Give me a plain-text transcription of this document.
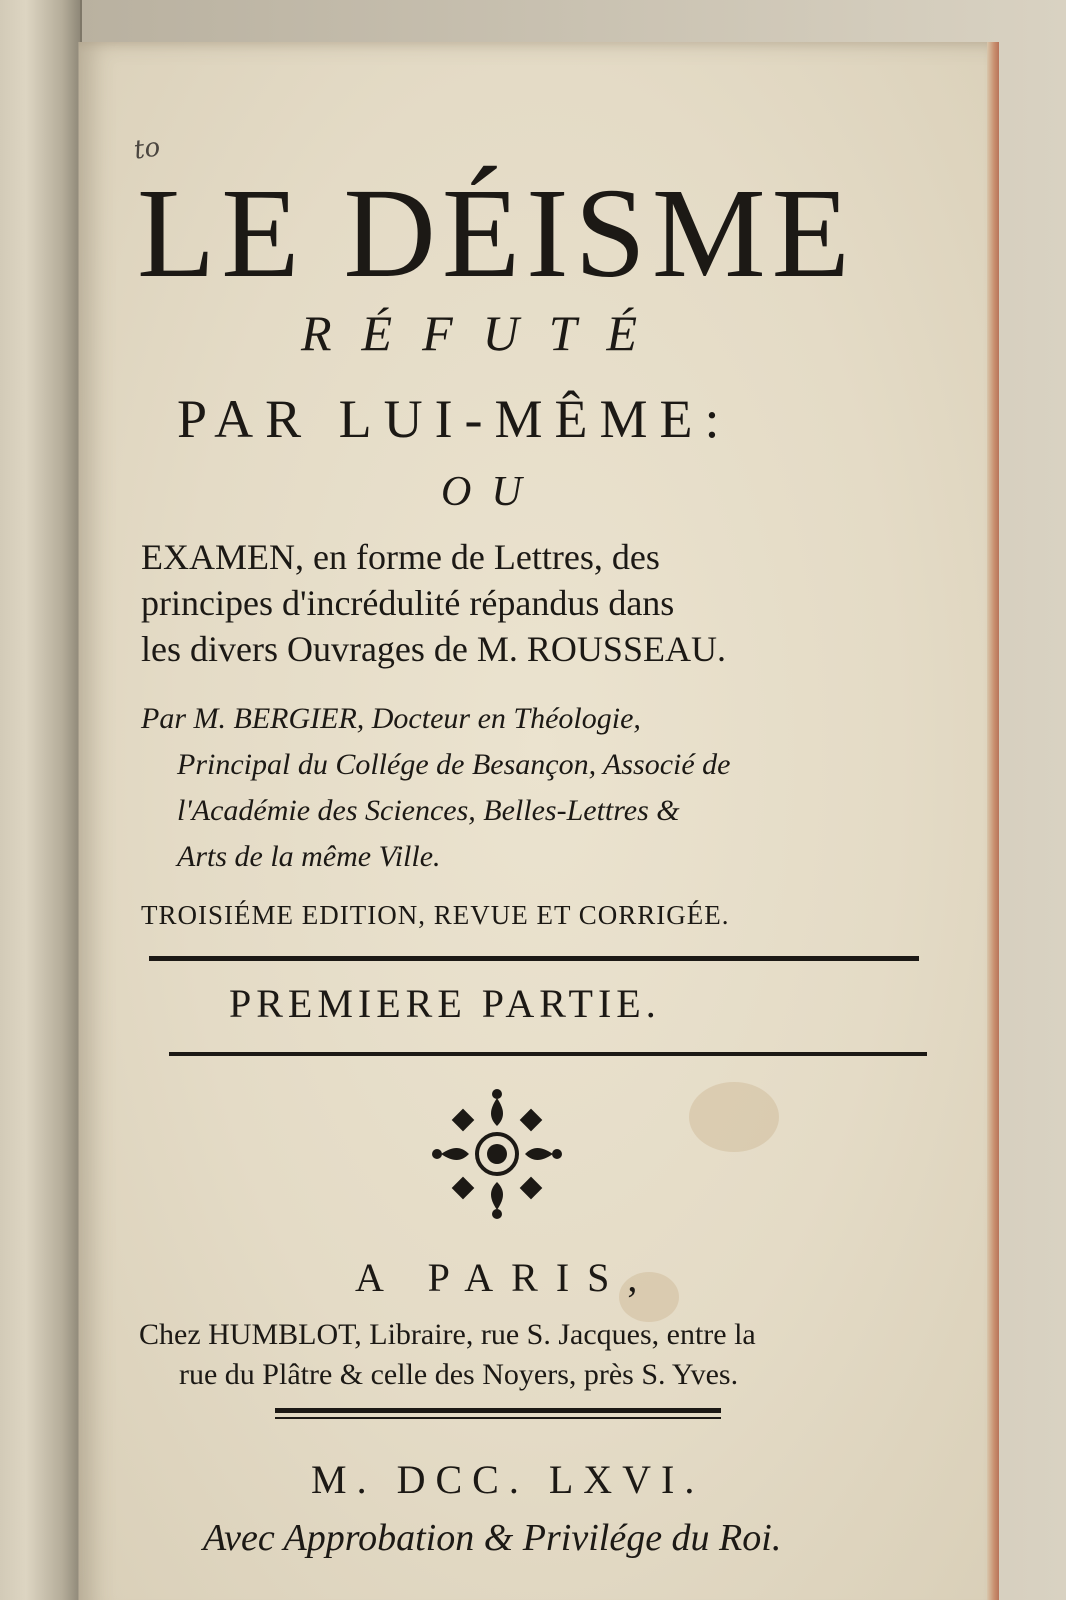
to
LE DÉISME
RÉFUTÉ
PAR LUI-MÊME:
OU
EXAMEN, en forme de Lettres, des
principes d'incrédulité répandus dans
les divers Ouvrages de M. ROUSSEAU.
Par M. BERGIER, Docteur en Théologie,
Principal du Collége de Besançon, Associé de
l'Académie des Sciences, Belles-Lettres &
Arts de la même Ville.
TROISIÉME EDITION, REVUE ET CORRIGÉE.
PREMIERE PARTIE.
A PARIS,
Chez HUMBLOT, Libraire, rue S. Jacques, entre la
rue du Plâtre & celle des Noyers, près S. Yves.
M. DCC. LXVI.
Avec Approbation & Privilége du Roi.
